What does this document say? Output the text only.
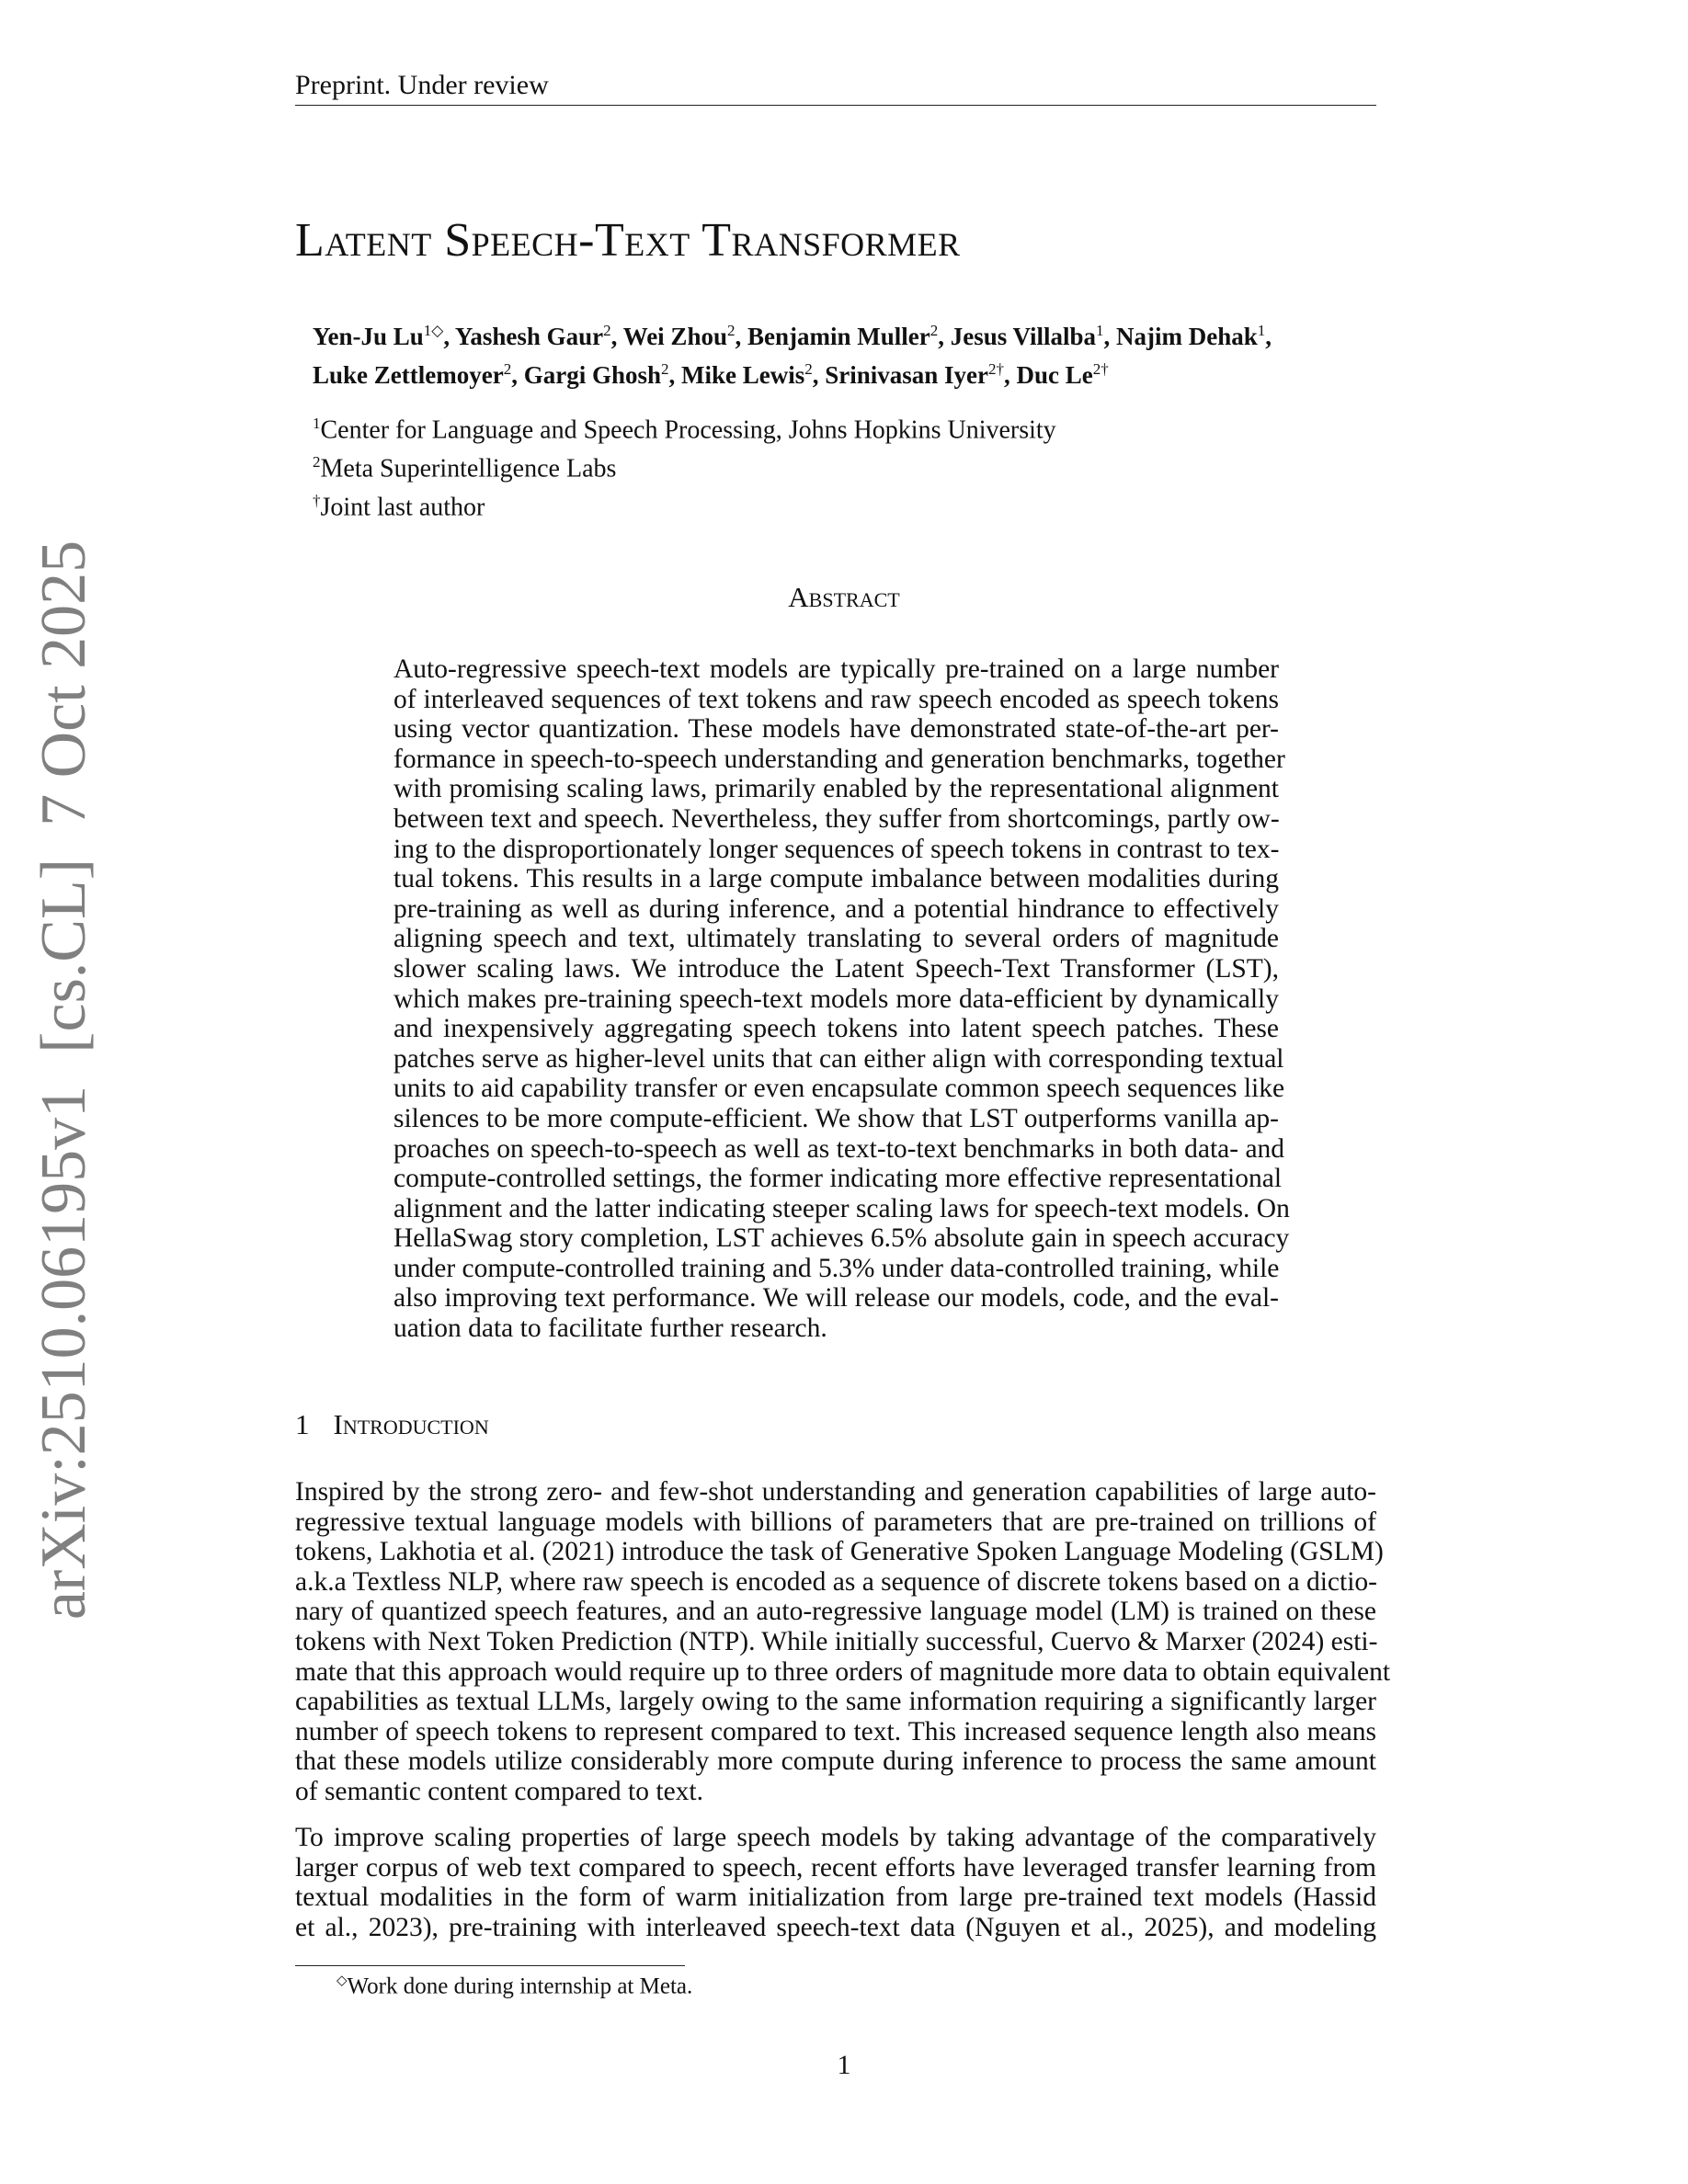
Preprint. Under review
Latent Speech-Text Transformer
Yen-Ju $Lu^{1◇}$, Yashesh Gaur$^2$, Wei Zhou$^2$, Benjamin Muller$^2$, Jesus Villalba$^1$, Najim Dehak$^1$,
Luke Zettlemoyer$^2$, Gargi Ghosh$^2$, Mike Lewis$^2$, Srinivasan Iyer$^{2\dagger}$, Duc $Le^{2\dagger}$
$^1$Center for Language and Speech Processing, Johns Hopkins University
$^2$Meta Superintelligence Labs
†Joint last author
Abstract
Auto-regressive speech-text models are typically pre-trained on a large number
of interleaved sequences of text tokens and raw speech encoded as speech tokens
using vector quantization. These models have demonstrated state-of-the-art per-
formance in speech-to-speech understanding and generation benchmarks, together
with promising scaling laws, primarily enabled by the representational alignment
between text and speech. Nevertheless, they suffer from shortcomings, partly ow-
ing to the disproportionately longer sequences of speech tokens in contrast to tex-
tual tokens. This results in a large compute imbalance between modalities during
pre-training as well as during inference, and a potential hindrance to effectively
aligning speech and text, ultimately translating to several orders of magnitude
slower scaling laws. We introduce the Latent Speech-Text Transformer (LST),
which makes pre-training speech-text models more data-efficient by dynamically
and inexpensively aggregating speech tokens into latent speech patches. These
patches serve as higher-level units that can either align with corresponding textual
units to aid capability transfer or even encapsulate common speech sequences like
silences to be more compute-efficient. We show that LST outperforms vanilla ap-
proaches on speech-to-speech as well as text-to-text benchmarks in both data- and
compute-controlled settings, the former indicating more effective representational
alignment and the latter indicating steeper scaling laws for speech-text models. On
HellaSwag story completion, LST achieves 6.5% absolute gain in speech accuracy
under compute-controlled training and 5.3% under data-controlled training, while
also improving text performance. We will release our models, code, and the eval-
uation data to facilitate further research.
1 Introduction
Inspired by the strong zero- and few-shot understanding and generation capabilities of large auto-
regressive textual language models with billions of parameters that are pre-trained on trillions of
tokens, Lakhotia et al. (2021) introduce the task of Generative Spoken Language Modeling (GSLM)
a.k.a Textless NLP, where raw speech is encoded as a sequence of discrete tokens based on a dictio-
nary of quantized speech features, and an auto-regressive language model (LM) is trained on these
tokens with Next Token Prediction (NTP). While initially successful, Cuervo & Marxer (2024) esti-
mate that this approach would require up to three orders of magnitude more data to obtain equivalent
capabilities as textual LLMs, largely owing to the same information requiring a significantly larger
number of speech tokens to represent compared to text. This increased sequence length also means
that these models utilize considerably more compute during inference to process the same amount
of semantic content compared to text.
To improve scaling properties of large speech models by taking advantage of the comparatively
larger corpus of web text compared to speech, recent efforts have leveraged transfer learning from
textual modalities in the form of warm initialization from large pre-trained text models (Hassid
et al., 2023), pre-training with interleaved speech-text data (Nguyen et al., 2025), and modeling
◇Work done during internship at Meta.
1
arXiv:2510.06195v1  [cs.CL]  7 Oct 2025
